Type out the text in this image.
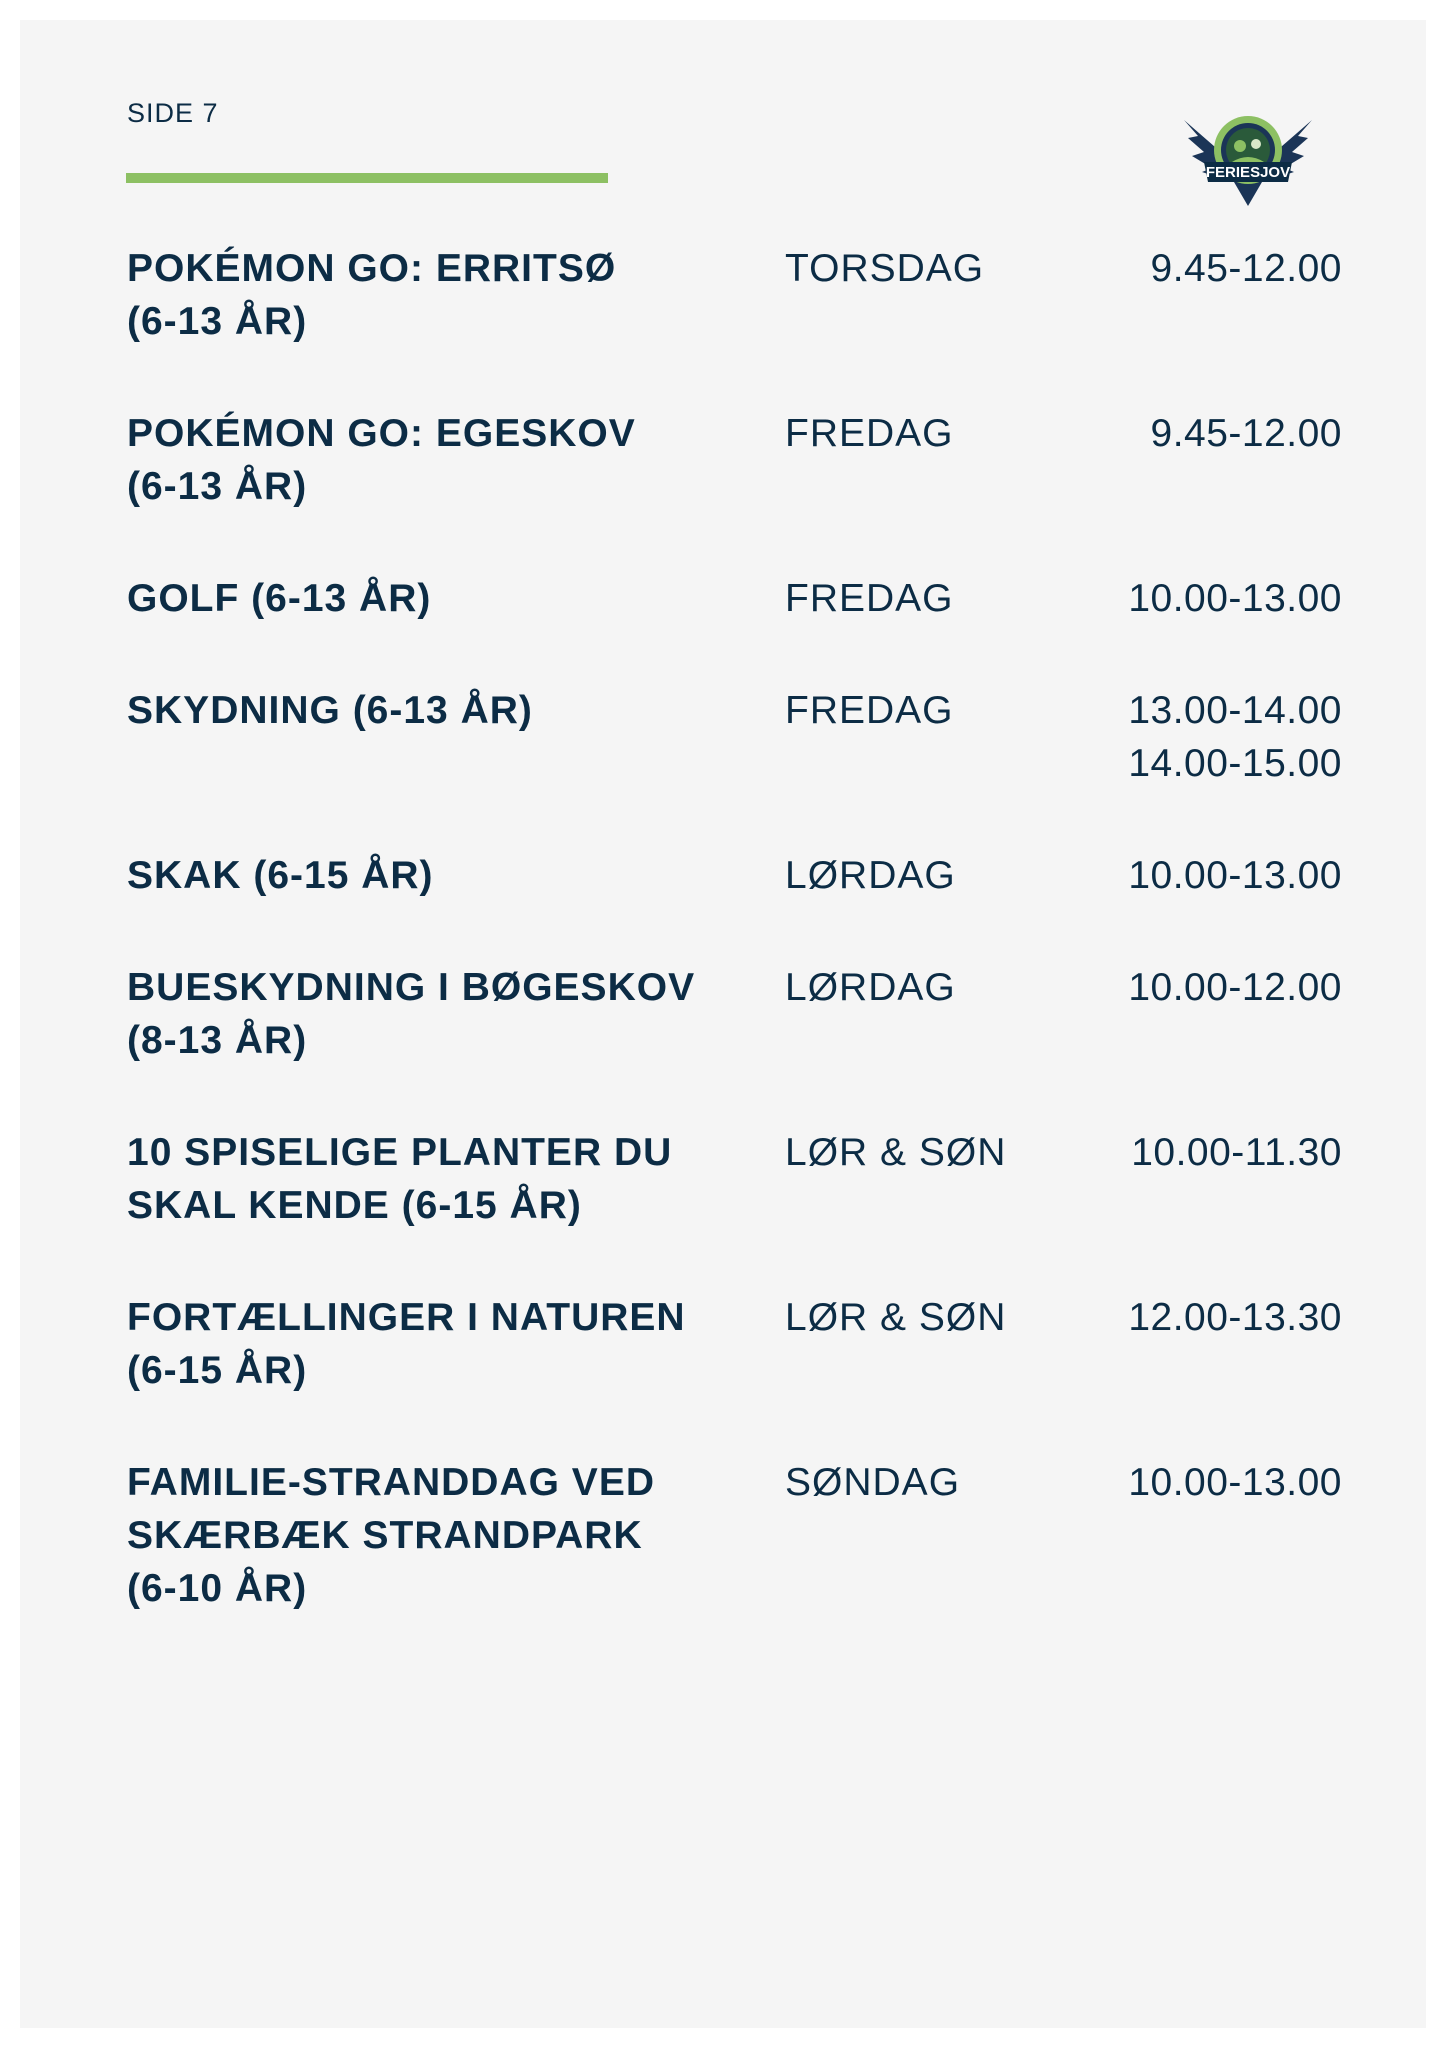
SIDE 7
FERIESJOV
POKÉMON GO: ERRITSØ
(6-13 ÅR)
TORSDAG	9.45-12.00
POKÉMON GO: EGESKOV
(6-13 ÅR)
FREDAG	9.45-12.00
GOLF (6-13 ÅR)	FREDAG	10.00-13.00
SKYDNING (6-13 ÅR)	FREDAG	13.00-14.00
14.00-15.00
SKAK (6-15 ÅR)	LØRDAG	10.00-13.00
BUESKYDNING I BØGESKOV
(8-13 ÅR)
LØRDAG	10.00-12.00
10 SPISELIGE PLANTER DU
SKAL KENDE (6-15 ÅR)
LØR & SØN	10.00-11.30
FORTÆLLINGER I NATUREN
(6-15 ÅR)
LØR & SØN	12.00-13.30
FAMILIE-STRANDDAG VED
SKÆRBÆK STRANDPARK
(6-10 ÅR)
SØNDAG	10.00-13.00
